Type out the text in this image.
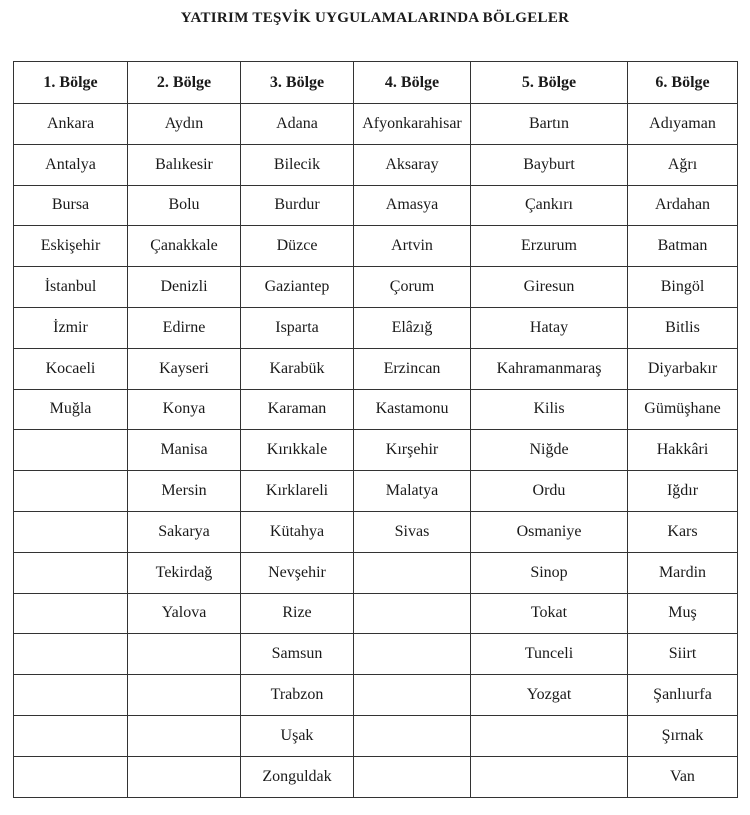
YATIRIM TEŞVİK UYGULAMALARINDA BÖLGELER
1. Bölge	2. Bölge	3. Bölge	4. Bölge	5. Bölge	6. Bölge
Ankara	Aydın	Adana	Afyonkarahisar	Bartın	Adıyaman
Antalya	Balıkesir	Bilecik	Aksaray	Bayburt	Ağrı
Bursa	Bolu	Burdur	Amasya	Çankırı	Ardahan
Eskişehir	Çanakkale	Düzce	Artvin	Erzurum	Batman
İstanbul	Denizli	Gaziantep	Çorum	Giresun	Bingöl
İzmir	Edirne	Isparta	Elâzığ	Hatay	Bitlis
Kocaeli	Kayseri	Karabük	Erzincan	Kahramanmaraş	Diyarbakır
Muğla	Konya	Karaman	Kastamonu	Kilis	Gümüşhane
	Manisa	Kırıkkale	Kırşehir	Niğde	Hakkâri
	Mersin	Kırklareli	Malatya	Ordu	Iğdır
	Sakarya	Kütahya	Sivas	Osmaniye	Kars
	Tekirdağ	Nevşehir		Sinop	Mardin
	Yalova	Rize		Tokat	Muş
		Samsun		Tunceli	Siirt
		Trabzon		Yozgat	Şanlıurfa
		Uşak			Şırnak
		Zonguldak			Van
